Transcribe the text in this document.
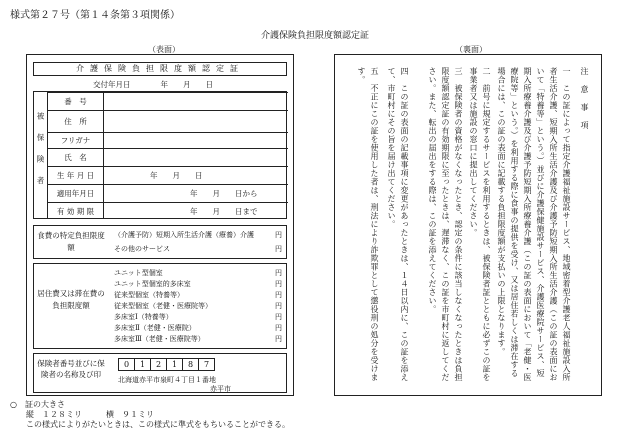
様式第２７号（第１４条第３項関係）
介護保険負担限度額認定証
（表面）	（裏面）
介護保険負担限度額認定証
交付年月日　　　　年　　月　　日
被保険者
番　号
住　所
フリガナ
氏　名
生 年 月 日	年　　月　　日
適用年月日	年　　月　　日から
有 効 期 限	年　　月　　日まで
食費の特定負担限度額
（介護予防）短期入所生活介護（療養）介護	円
その他のサービス	円
居住費又は滞在費の負担限度額
ユニット型個室	円
ユニット型個室的多床室	円
従来型個室（特養等）	円
従来型個室（老健・医療院等）	円
多床室Ⅰ（特養等）	円
多床室Ⅱ（老健・医療院）	円
多床室Ⅲ（老健・医療院等）	円
保険者番号並びに保険者の名称及び印
0	1	2	1	8	7
北海道赤平市泉町４丁目１番地
赤平市
注意事項
一　この証によって指定介護福祉施設サービス、地域密着型介護老人福祉施設入所者生活介護、短期入所生活介護及び介護予防短期入所生活介護（この証の表面において「特養等」という。）並びに介護保健施設サービス、介護医療院サービス、短期入所療養介護及び介護予防短期入所療養介護（この証の表面において「老健・医療院等」という。）を利用する際に食事の提供を受け、又は居住若しくは滞在する場合には、この証の表面に記載する負担限度額が支払いの上限となります。
二　前号に規定するサービスを利用するときは、被保険者証とともに必ずこの証を事業者又は施設の窓口に提出してください。
三　被保険者の資格がなくなったとき、認定の条件に該当しなくなったときは負担限度額認定証の有効期限に至ったときは、遅滞なく、この証を市町村に返してください。また、転出の届出をする際は、この証を添えてください。
四　この証の表面の記載事項に変更があったときは、１４日以内に、この証を添えて、市町村にその旨を届け出てください。
五　不正にこの証を使用した者は、刑法により詐欺罪として懲役刑の処分を受けます。
○　証の大きさ
　　縦　１２８ミリ　　　横　９１ミリ
　　この様式によりがたいときは、この様式に準式をもちいることができる。
